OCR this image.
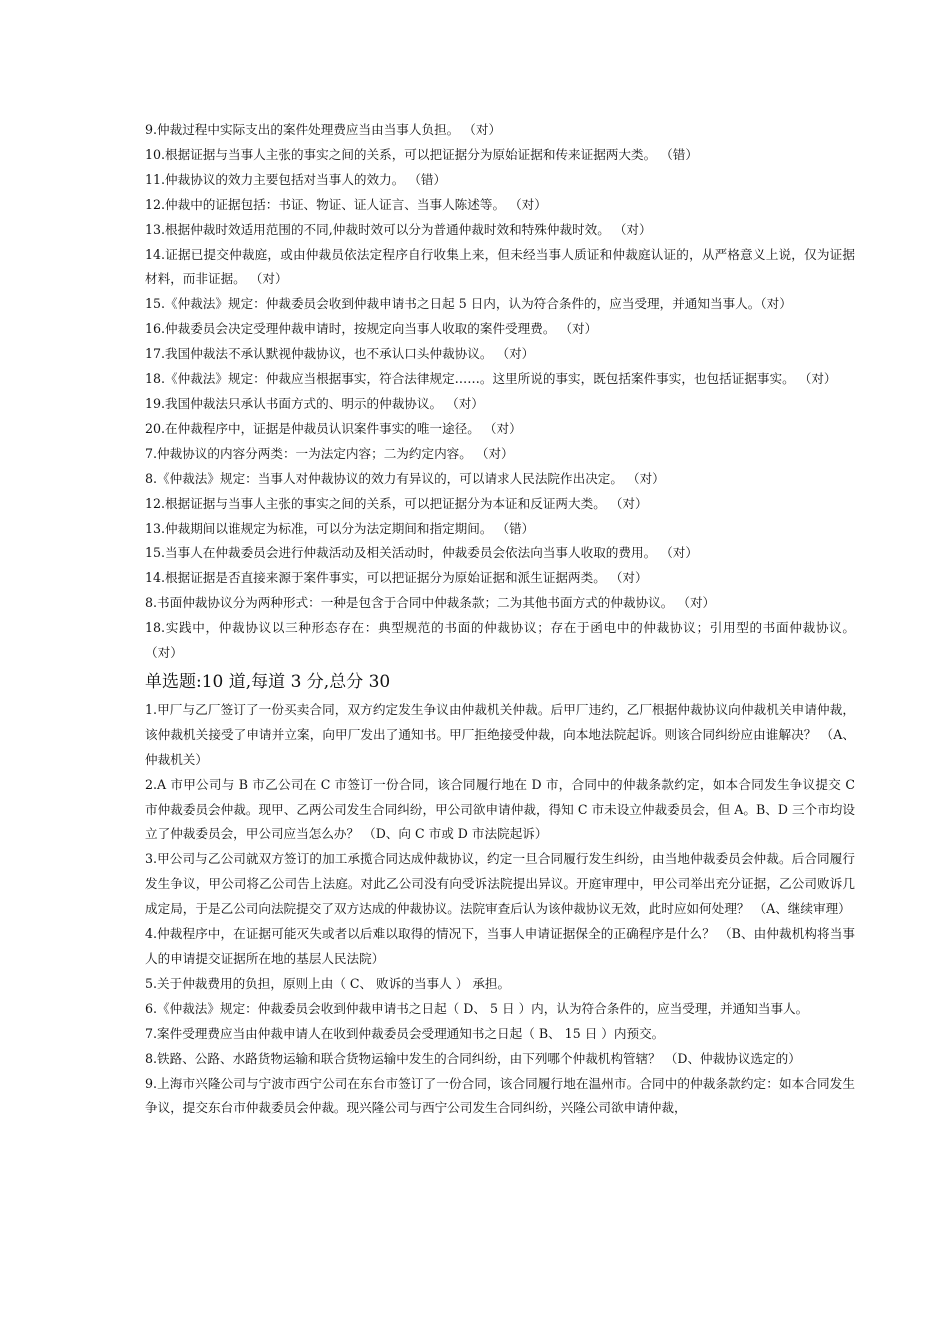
9.仲裁过程中实际支出的案件处理费应当由当事人负担。 （对）
10.根据证据与当事人主张的事实之间的关系，可以把证据分为原始证据和传来证据两大类。 （错）
11.仲裁协议的效力主要包括对当事人的效力。 （错）
12.仲裁中的证据包括：书证、物证、证人证言、当事人陈述等。 （对）
13.根据仲裁时效适用范围的不同,仲裁时效可以分为普通仲裁时效和特殊仲裁时效。 （对）
14.证据已提交仲裁庭，或由仲裁员依法定程序自行收集上来，但未经当事人质证和仲裁庭认证的，从严格意义上说，仅为证据材料，而非证据。 （对）
15.《仲裁法》规定：仲裁委员会收到仲裁申请书之日起 5 日内，认为符合条件的，应当受理，并通知当事人。（对）
16.仲裁委员会决定受理仲裁申请时，按规定向当事人收取的案件受理费。 （对）
17.我国仲裁法不承认默视仲裁协议，也不承认口头仲裁协议。 （对）
18.《仲裁法》规定：仲裁应当根据事实，符合法律规定……。这里所说的事实，既包括案件事实，也包括证据事实。 （对）
19.我国仲裁法只承认书面方式的、明示的仲裁协议。 （对）
20.在仲裁程序中，证据是仲裁员认识案件事实的唯一途径。 （对）
7.仲裁协议的内容分两类：一为法定内容；二为约定内容。 （对）
8.《仲裁法》规定：当事人对仲裁协议的效力有异议的，可以请求人民法院作出决定。 （对）
12.根据证据与当事人主张的事实之间的关系，可以把证据分为本证和反证两大类。 （对）
13.仲裁期间以谁规定为标准，可以分为法定期间和指定期间。 （错）
15.当事人在仲裁委员会进行仲裁活动及相关活动时，仲裁委员会依法向当事人收取的费用。 （对）
14.根据证据是否直接来源于案件事实，可以把证据分为原始证据和派生证据两类。 （对）
8.书面仲裁协议分为两种形式：一种是包含于合同中仲裁条款；二为其他书面方式的仲裁协议。 （对）
18.实践中，仲裁协议以三种形态存在：典型规范的书面的仲裁协议；存在于函电中的仲裁协议；引用型的书面仲裁协议。 （对）
单选题:10 道,每道 3 分,总分 30
1.甲厂与乙厂签订了一份买卖合同，双方约定发生争议由仲裁机关仲裁。后甲厂违约，乙厂根据仲裁协议向仲裁机关申请仲裁，该仲裁机关接受了申请并立案，向甲厂发出了通知书。甲厂拒绝接受仲裁，向本地法院起诉。则该合同纠纷应由谁解决？ （A、仲裁机关）
2.A 市甲公司与 B 市乙公司在 C 市签订一份合同，该合同履行地在 D 市，合同中的仲裁条款约定，如本合同发生争议提交 C 市仲裁委员会仲裁。现甲、乙两公司发生合同纠纷，甲公司欲申请仲裁，得知 C 市未设立仲裁委员会，但 A。B、D 三个市均设立了仲裁委员会，甲公司应当怎么办？ （D、向 C 市或 D 市法院起诉）
3.甲公司与乙公司就双方签订的加工承揽合同达成仲裁协议，约定一旦合同履行发生纠纷，由当地仲裁委员会仲裁。后合同履行发生争议，甲公司将乙公司告上法庭。对此乙公司没有向受诉法院提出异议。开庭审理中，甲公司举出充分证据，乙公司败诉几成定局，于是乙公司向法院提交了双方达成的仲裁协议。法院审查后认为该仲裁协议无效，此时应如何处理？ （A、继续审理）
4.仲裁程序中，在证据可能灭失或者以后难以取得的情况下，当事人申请证据保全的正确程序是什么？ （B、由仲裁机构将当事人的申请提交证据所在地的基层人民法院）
5.关于仲裁费用的负担，原则上由（ C、 败诉的当事人 ） 承担。
6.《仲裁法》规定：仲裁委员会收到仲裁申请书之日起（ D、 5 日 ）内，认为符合条件的，应当受理，并通知当事人。
7.案件受理费应当由仲裁申请人在收到仲裁委员会受理通知书之日起（ B、 15 日 ）内预交。
8.铁路、公路、水路货物运输和联合货物运输中发生的合同纠纷，由下列哪个仲裁机构管辖？ （D、仲裁协议选定的）
9.上海市兴隆公司与宁波市西宁公司在东台市签订了一份合同，该合同履行地在温州市。合同中的仲裁条款约定：如本合同发生争议，提交东台市仲裁委员会仲裁。现兴隆公司与西宁公司发生合同纠纷，兴隆公司欲申请仲裁，
